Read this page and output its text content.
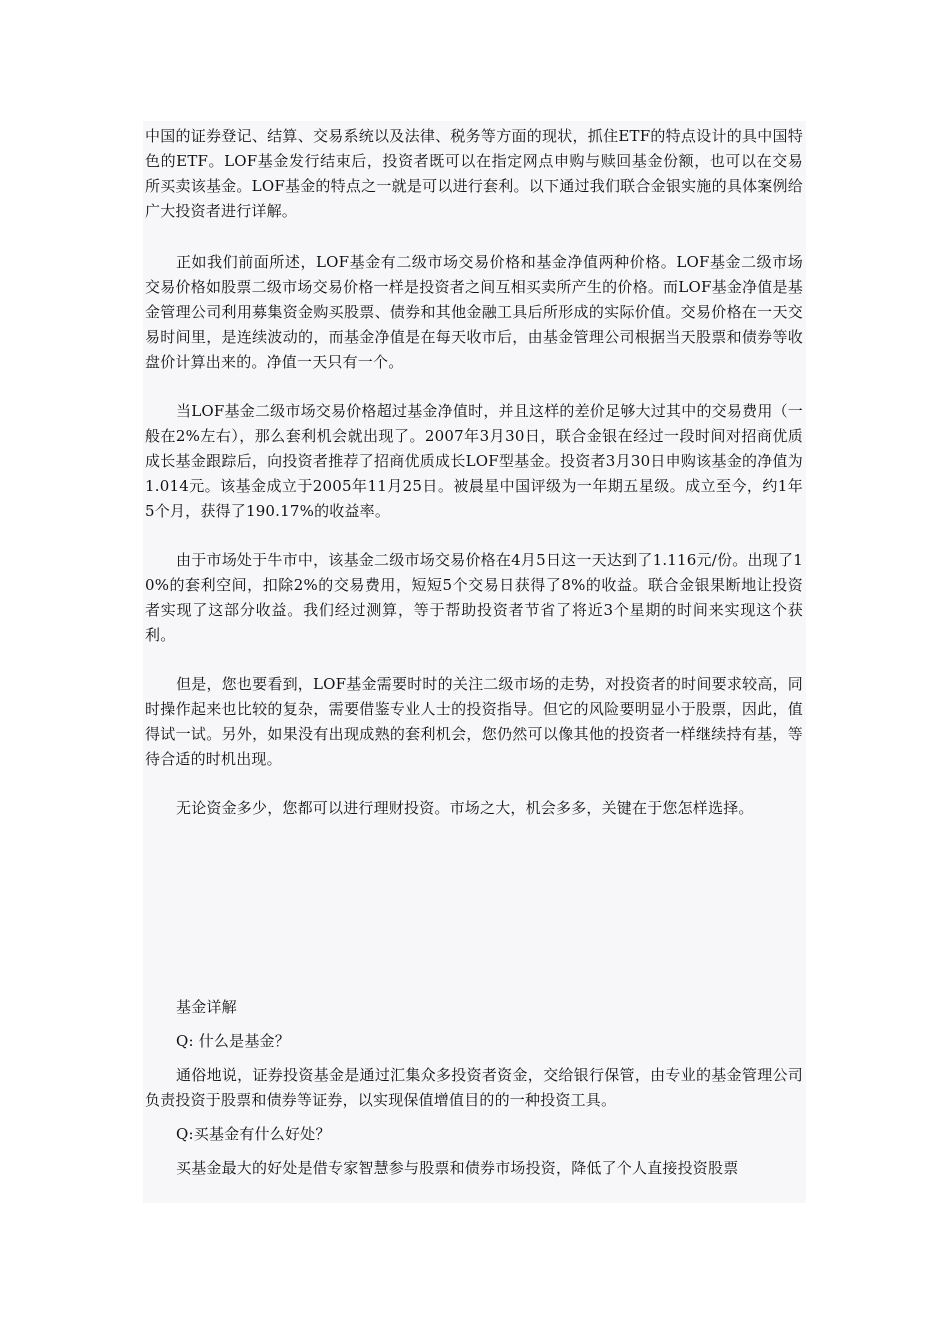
中国的证券登记、结算、交易系统以及法律、税务等方面的现状，抓住ETF的特点设计的具中国特色的ETF。LOF基金发行结束后，投资者既可以在指定网点申购与赎回基金份额，也可以在交易所买卖该基金。LOF基金的特点之一就是可以进行套利。以下通过我们联合金银实施的具体案例给广大投资者进行详解。

正如我们前面所述，LOF基金有二级市场交易价格和基金净值两种价格。LOF基金二级市场交易价格如股票二级市场交易价格一样是投资者之间互相买卖所产生的价格。而LOF基金净值是基金管理公司利用募集资金购买股票、债券和其他金融工具后所形成的实际价值。交易价格在一天交易时间里，是连续波动的，而基金净值是在每天收市后，由基金管理公司根据当天股票和债券等收盘价计算出来的。净值一天只有一个。

当LOF基金二级市场交易价格超过基金净值时，并且这样的差价足够大过其中的交易费用（一般在2%左右），那么套利机会就出现了。2007年3月30日，联合金银在经过一段时间对招商优质成长基金跟踪后，向投资者推荐了招商优质成长LOF型基金。投资者3月30日申购该基金的净值为1.014元。该基金成立于2005年11月25日。被晨星中国评级为一年期五星级。成立至今，约1年5个月，获得了190.17%的收益率。

由于市场处于牛市中，该基金二级市场交易价格在4月5日这一天达到了1.116元/份。出现了10%的套利空间，扣除2%的交易费用，短短5个交易日获得了8%的收益。联合金银果断地让投资者实现了这部分收益。我们经过测算，等于帮助投资者节省了将近3个星期的时间来实现这个获利。

但是，您也要看到，LOF基金需要时时的关注二级市场的走势，对投资者的时间要求较高，同时操作起来也比较的复杂，需要借鉴专业人士的投资指导。但它的风险要明显小于股票，因此，值得试一试。另外，如果没有出现成熟的套利机会，您仍然可以像其他的投资者一样继续持有基，等待合适的时机出现。

无论资金多少，您都可以进行理财投资。市场之大，机会多多，关键在于您怎样选择。

基金详解

Q: 什么是基金？

通俗地说，证券投资基金是通过汇集众多投资者资金，交给银行保管，由专业的基金管理公司负责投资于股票和债券等证券，以实现保值增值目的的一种投资工具。

Q:买基金有什么好处？

买基金最大的好处是借专家智慧参与股票和债券市场投资，降低了个人直接投资股票
